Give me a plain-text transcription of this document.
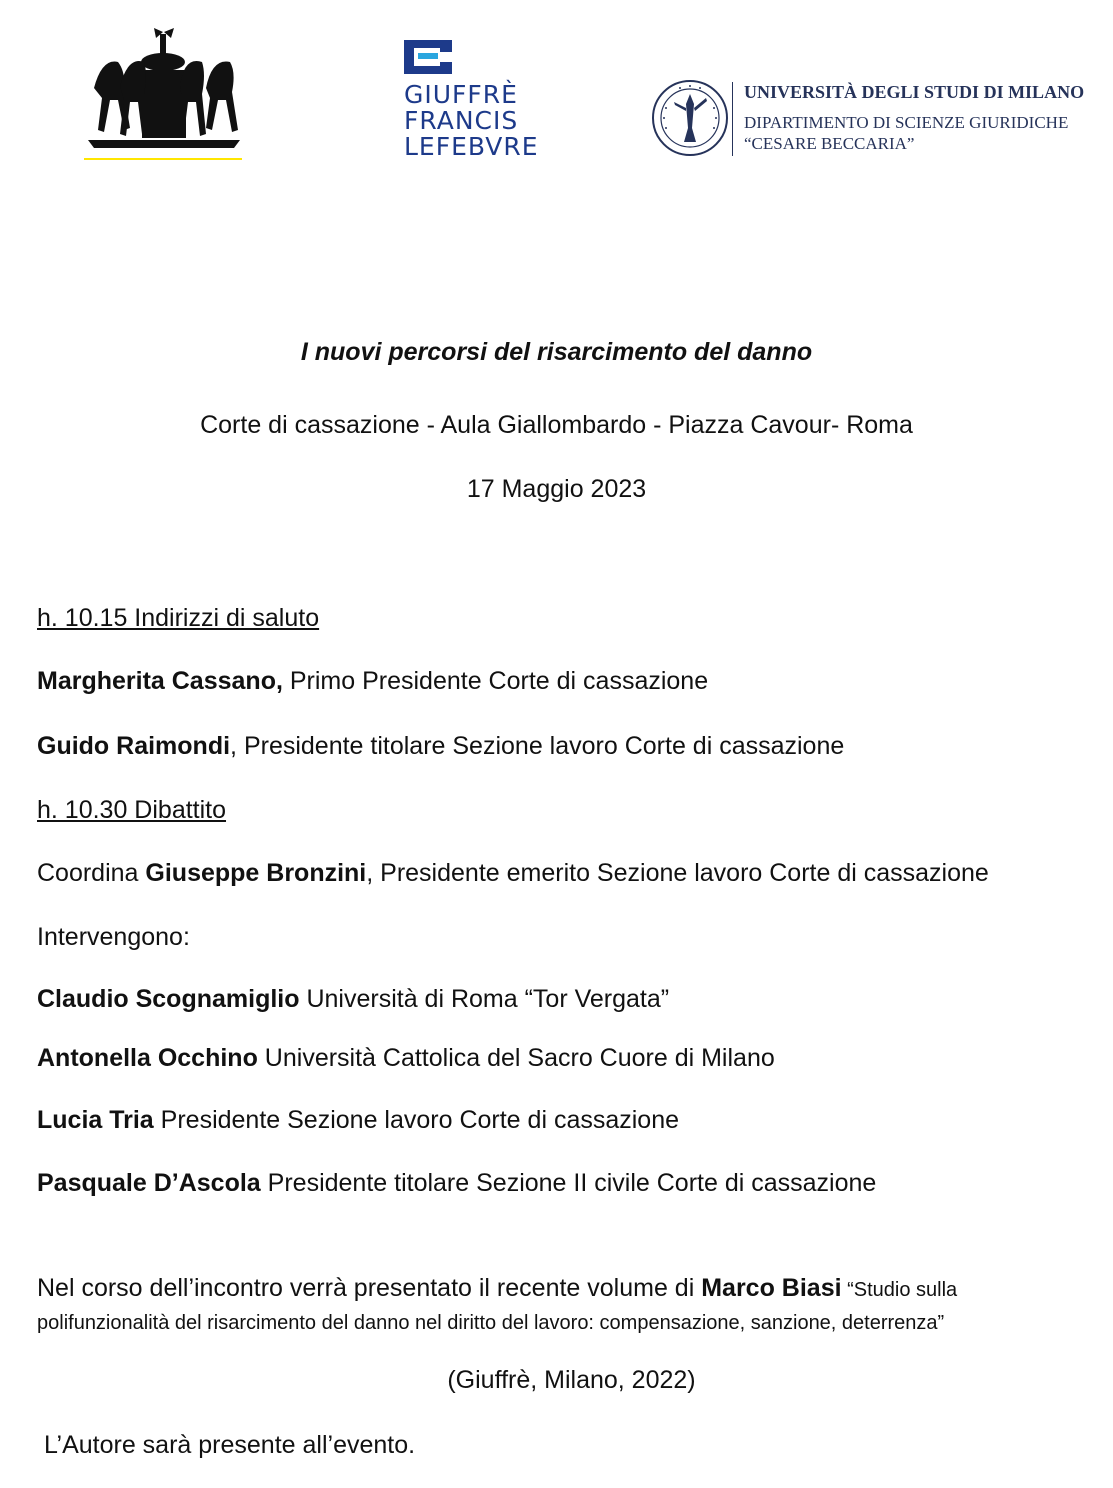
GIUFFRÈ
FRANCIS
LEFEBVRE
UNIVERSITÀ DEGLI STUDI DI MILANO
DIPARTIMENTO DI SCIENZE GIURIDICHE
“CESARE BECCARIA”
I nuovi percorsi del risarcimento del danno
Corte di cassazione - Aula Giallombardo - Piazza Cavour- Roma
17 Maggio 2023
h. 10.15 Indirizzi di saluto
Margherita Cassano, Primo Presidente Corte di cassazione
Guido Raimondi, Presidente titolare Sezione lavoro Corte di cassazione
h. 10.30 Dibattito
Coordina Giuseppe Bronzini, Presidente emerito Sezione lavoro Corte di cassazione
Intervengono:
Claudio Scognamiglio Università di Roma “Tor Vergata”
Antonella Occhino Università Cattolica del Sacro Cuore di Milano
Lucia Tria Presidente Sezione lavoro Corte di cassazione
Pasquale D’Ascola Presidente titolare Sezione II civile Corte di cassazione
Nel corso dell’incontro verrà presentato il recente volume di Marco Biasi “Studio sulla
polifunzionalità del risarcimento del danno nel diritto del lavoro: compensazione, sanzione, deterrenza”
(Giuffrè, Milano, 2022)
L’Autore sarà presente all’evento.
